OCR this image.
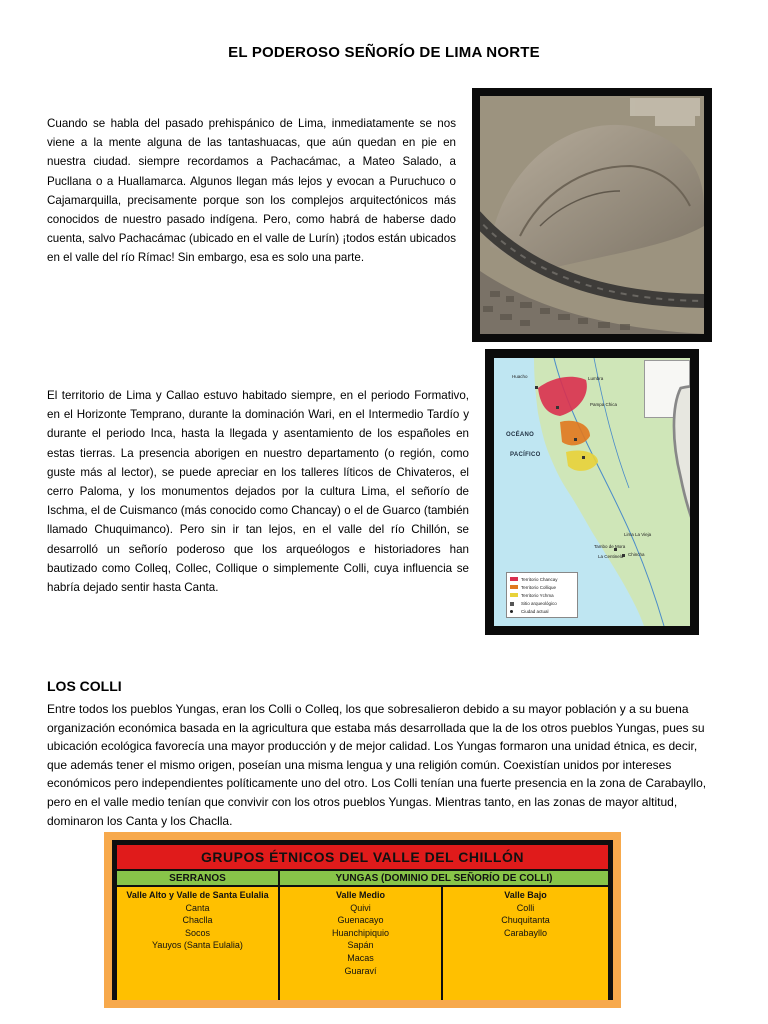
EL PODEROSO SEÑORÍO DE LIMA NORTE

Cuando se habla del pasado prehispánico de Lima, inmediatamente se nos viene a la mente alguna de las tantashuacas, que aún quedan en pie en nuestra ciudad. siempre recordamos a Pachacámac, a Mateo Salado, a Pucllana o a Huallamarca. Algunos llegan más lejos y evocan a Puruchuco o Cajamarquilla, precisamente porque son los complejos arquitectónicos más conocidos de nuestro pasado indígena. Pero, como habrá de haberse dado cuenta, salvo Pachacámac (ubicado en el valle de Lurín) ¡todos están ubicados en el valle del río Rímac! Sin embargo, esa es solo una parte.

OCÉANO
PACÍFICO
Huacho	Lumbra
Pampa Chica
Lima La Vieja
Tambo de Mora
La Centinela Chincha
Territorio Chancay
Territorio Collique
Territorio Ychma
Sitio arqueológico
Ciudad actual

El territorio de Lima y Callao estuvo habitado siempre, en el periodo Formativo, en el Horizonte Temprano, durante la dominación Wari, en el Intermedio Tardío y durante el periodo Inca, hasta la llegada y asentamiento de los españoles en estas tierras. La presencia aborigen en nuestro departamento (o región, como guste más al lector), se puede apreciar en los talleres líticos de Chivateros, el cerro Paloma, y los monumentos dejados por la cultura Lima, el señorío de Ischma, el de Cuismanco (más conocido como Chancay) o el de Guarco (también llamado Chuquimanco). Pero sin ir tan lejos, en el valle del río Chillón, se desarrolló un señorío poderoso que los arqueólogos e historiadores han bautizado como Colleq, Collec, Collique o simplemente Colli, cuya influencia se habría dejado sentir hasta Canta.

LOS COLLI

Entre todos los pueblos Yungas, eran los Colli o Colleq, los que sobresalieron debido a su mayor población y a su buena organización económica basada en la agricultura que estaba más desarrollada que la de los otros pueblos Yungas, pues su ubicación ecológica favorecía una mayor producción y de mejor calidad. Los Yungas formaron una unidad étnica, es decir, que además tener el mismo origen, poseían una misma lengua y una religión común. Coexistían unidos por intereses económicos pero independientes políticamente uno del otro. Los Colli tenían una fuerte presencia en la zona de Carabayllo, pero en el valle medio tenían que convivir con los otros pueblos Yungas. Mientras tanto, en las zonas de mayor altitud, dominaron los Canta y los Chaclla.

GRUPOS ÉTNICOS DEL VALLE DEL CHILLÓN
SERRANOS	YUNGAS (DOMINIO DEL SEÑORÍO DE COLLI)
Valle Alto y Valle de Santa Eulalia
Canta
Chaclla
Socos
Yauyos (Santa Eulalia)
Valle Medio
Quivi
Guenacayo
Huanchipiquio
Sapán
Macas
Guaraví
Valle Bajo
Colli
Chuquitanta
Carabayllo
